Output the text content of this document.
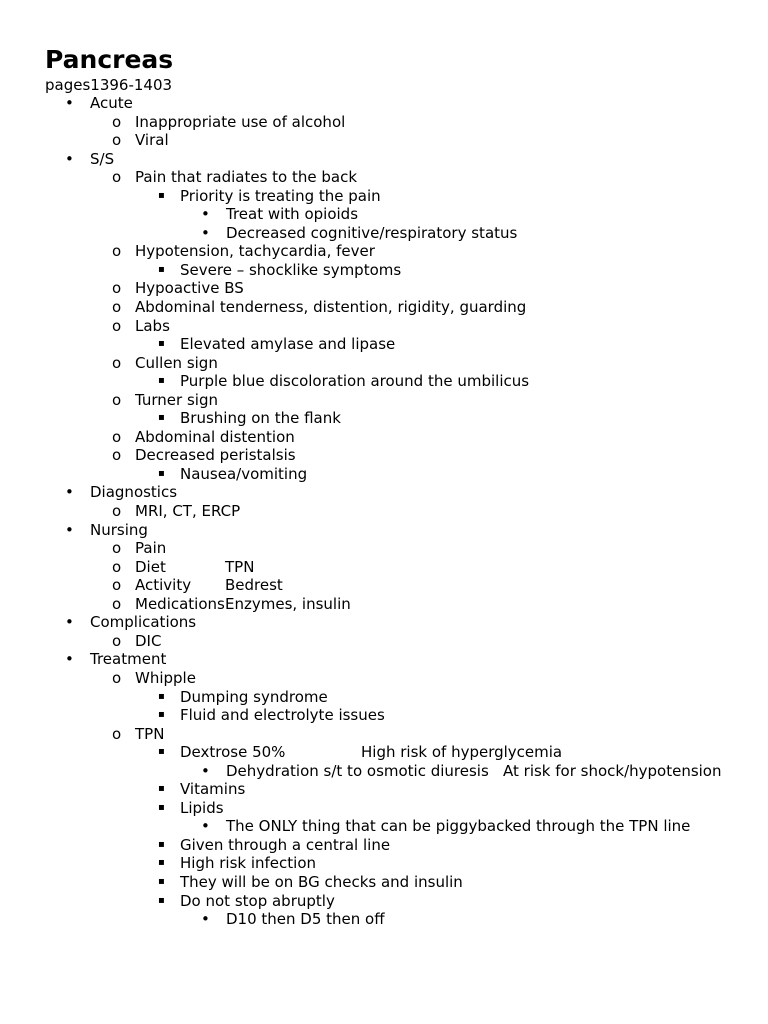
Pancreas
pages1396-1403
• Acute
o Inappropriate use of alcohol
o Viral
• S/S
o Pain that radiates to the back
▪ Priority is treating the pain
• Treat with opioids
• Decreased cognitive/respiratory status
o Hypotension, tachycardia, fever
▪ Severe – shocklike symptoms
o Hypoactive BS
o Abdominal tenderness, distention, rigidity, guarding
o Labs
▪ Elevated amylase and lipase
o Cullen sign
▪ Purple blue discoloration around the umbilicus
o Turner sign
▪ Brushing on the flank
o Abdominal distention
o Decreased peristalsis
▪ Nausea/vomiting
• Diagnostics
o MRI, CT, ERCP
• Nursing
o Pain
o Diet	TPN
o Activity Bedrest
o MedicationsEnzymes, insulin
• Complications
o DIC
• Treatment
o Whipple
▪ Dumping syndrome
▪ Fluid and electrolyte issues
o TPN
▪ Dextrose 50%	High risk of hyperglycemia
• Dehydration s/t to osmotic diuresis At risk for shock/hypotension
▪ Vitamins
▪ Lipids
• The ONLY thing that can be piggybacked through the TPN line
▪ Given through a central line
▪ High risk infection
▪ They will be on BG checks and insulin
▪ Do not stop abruptly
• D10 then D5 then off
